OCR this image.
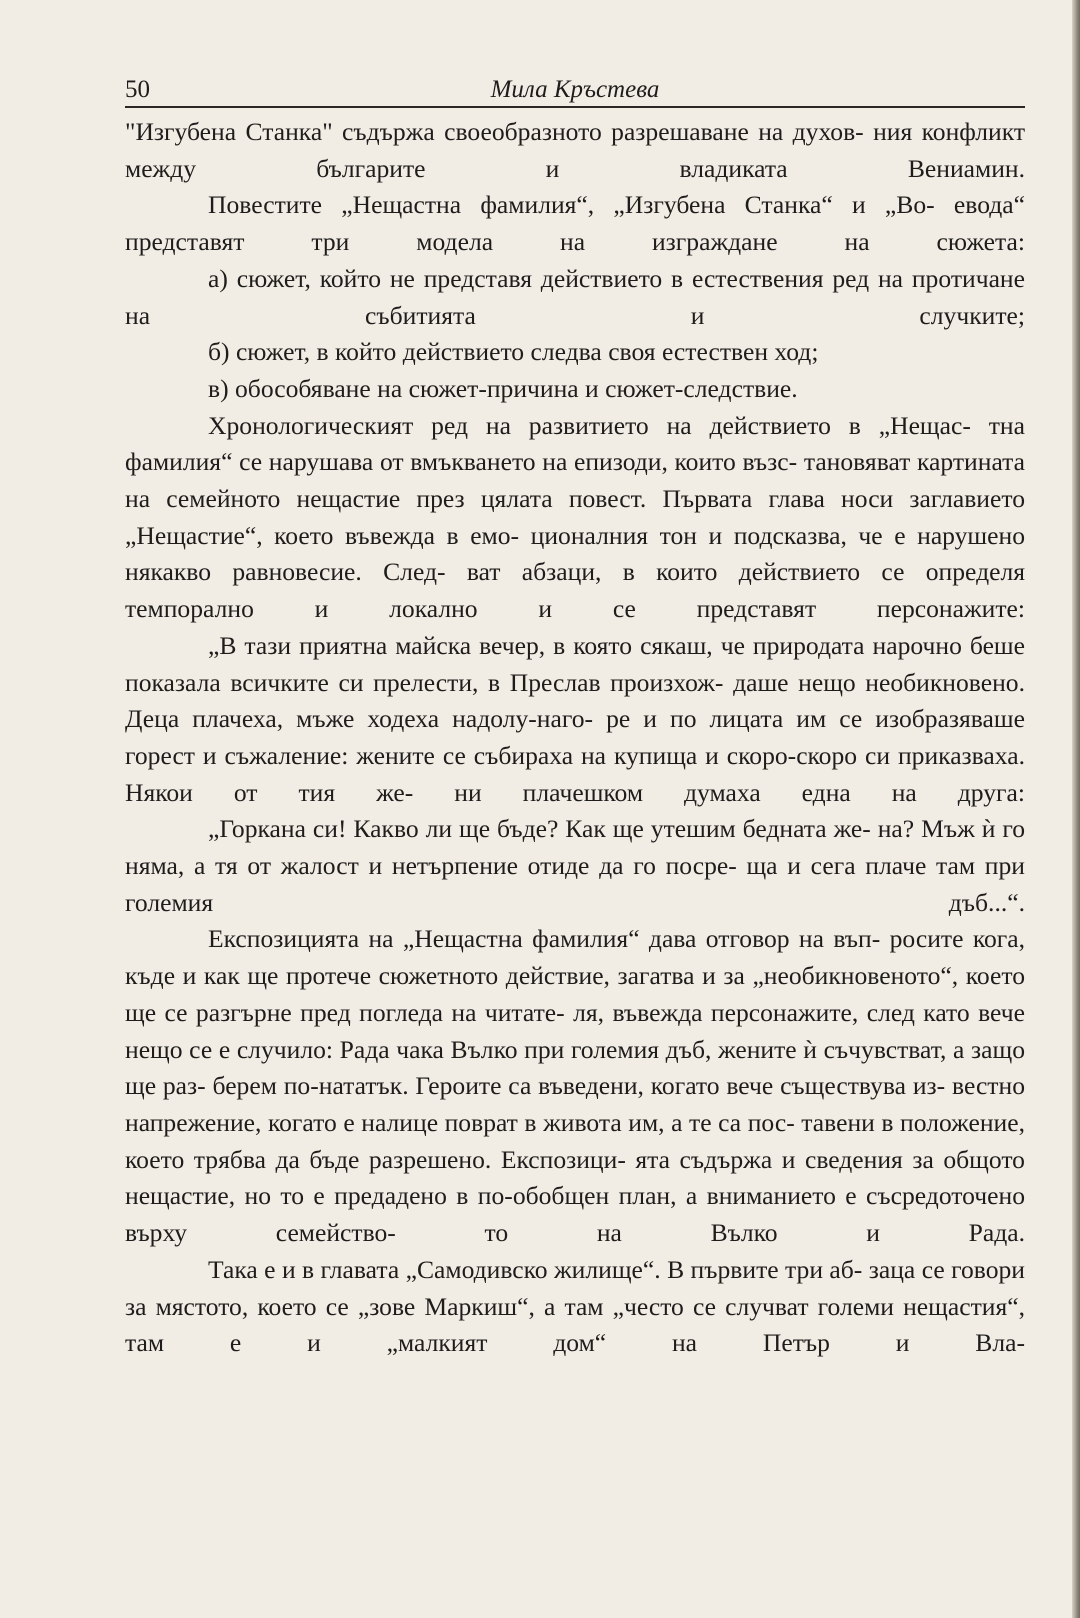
50	Мила Кръстева

"Изгубена Станка" съдържа своеобразното разрешаване на духов- ния конфликт между българите и владиката Вениамин.

Повестите „Нещастна фамилия“, „Изгубена Станка“ и „Во- евода“ представят три модела на изграждане на сюжета:

а) сюжет, който не представя действието в естествения ред на протичане на събитията и случките;

б) сюжет, в който действието следва своя естествен ход;

в) обособяване на сюжет-причина и сюжет-следствие.

Хронологическият ред на развитието на действието в „Нещас- тна фамилия“ се нарушава от вмъкването на епизоди, които възс- тановяват картината на семейното нещастие през цялата повест. Първата глава носи заглавието „Нещастие“, което въвежда в емо- ционалния тон и подсказва, че е нарушено някакво равновесие. След- ват абзаци, в които действието се определя темпорално и локално и се представят персонажите:

„В тази приятна майска вечер, в която сякаш, че природата нарочно беше показала всичките си прелести, в Преслав произхож- даше нещо необикновено. Деца плачеха, мъже ходеха надолу-наго- ре и по лицата им се изобразяваше горест и съжаление: жените се събираха на купища и скоро-скоро си приказваха. Някои от тия же- ни плачешком думаха една на друга:

„Горкана си! Какво ли ще бъде? Как ще утешим бедната же- на? Мъж ѝ го няма, а тя от жалост и нетърпение отиде да го посре- ща и сега плаче там при големия дъб...“.

Експозицията на „Нещастна фамилия“ дава отговор на въп- росите кога, къде и как ще протече сюжетното действие, загатва и за „необикновеното“, което ще се разгърне пред погледа на читате- ля, въвежда персонажите, след като вече нещо се е случило: Рада чака Вълко при големия дъб, жените ѝ съчувстват, а защо ще раз- берем по-нататък. Героите са въведени, когато вече съществува из- вестно напрежение, когато е налице поврат в живота им, а те са пос- тавени в положение, което трябва да бъде разрешено. Експозици- ята съдържа и сведения за общото нещастие, но то е предадено в по-обобщен план, а вниманието е съсредоточено върху семейство-	то на Вълко и Рада.

Така е и в главата „Самодивско жилище“. В първите три аб- заца се говори за мястото, което се „зове Маркиш“, а там „често се случват големи нещастия“, там е и „малкият дом“ на Петър и Вла-
